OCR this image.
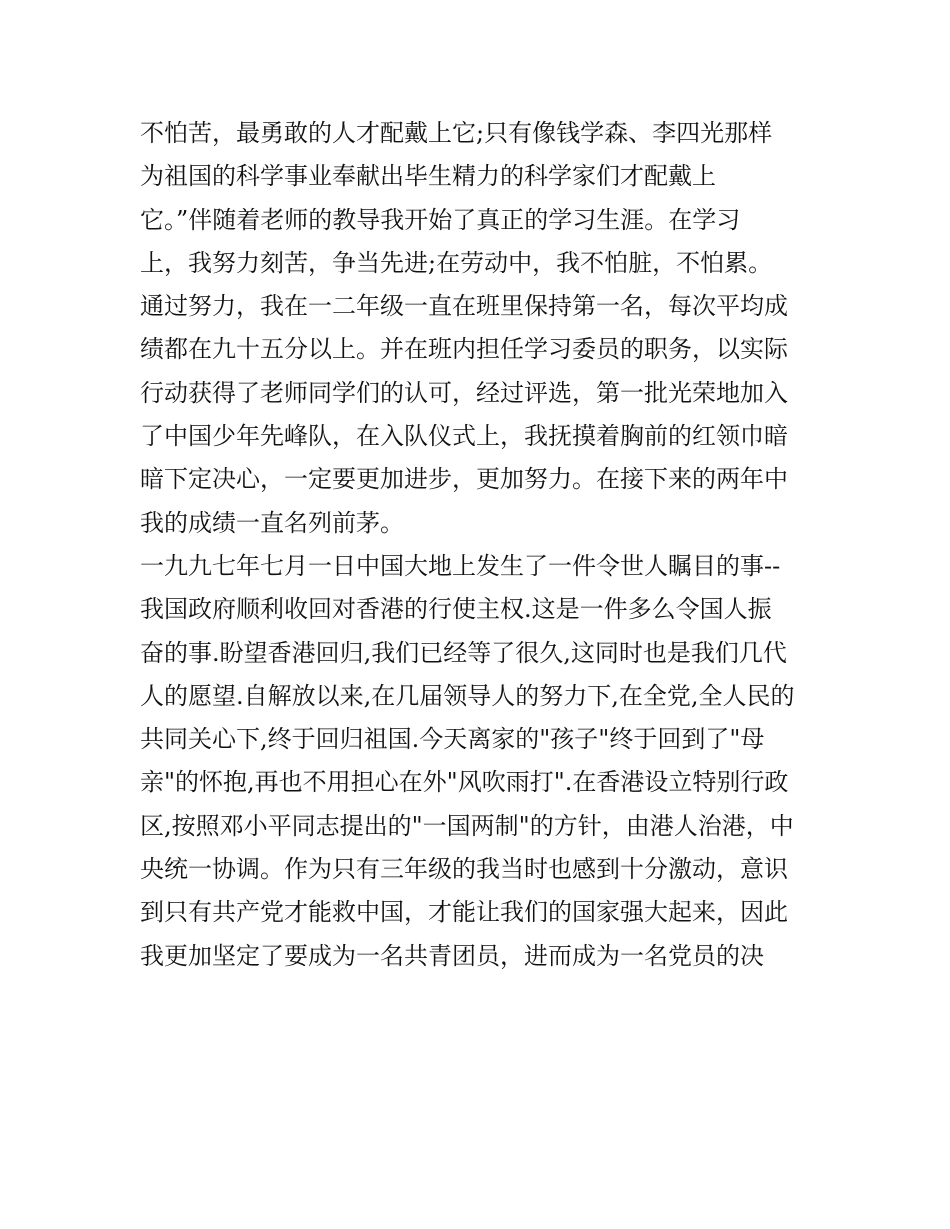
不怕苦，最勇敢的人才配戴上它;只有像钱学森、李四光那样
为祖国的科学事业奉献出毕生精力的科学家们才配戴上
它。”伴随着老师的教导我开始了真正的学习生涯。在学习
上，我努力刻苦，争当先进;在劳动中，我不怕脏，不怕累。
通过努力，我在一二年级一直在班里保持第一名，每次平均成
绩都在九十五分以上。并在班内担任学习委员的职务，以实际
行动获得了老师同学们的认可，经过评选，第一批光荣地加入
了中国少年先峰队，在入队仪式上，我抚摸着胸前的红领巾暗
暗下定决心，一定要更加进步，更加努力。在接下来的两年中
我的成绩一直名列前茅。
一九九七年七月一日中国大地上发生了一件令世人瞩目的事--
我国政府顺利收回对香港的行使主权.这是一件多么令国人振
奋的事.盼望香港回归,我们已经等了很久,这同时也是我们几代
人的愿望.自解放以来,在几届领导人的努力下,在全党,全人民的
共同关心下,终于回归祖国.今天离家的"孩子"终于回到了"母
亲"的怀抱,再也不用担心在外"风吹雨打".在香港设立特别行政
区,按照邓小平同志提出的"一国两制"的方针，由港人治港，中
央统一协调。作为只有三年级的我当时也感到十分激动，意识
到只有共产党才能救中国，才能让我们的国家强大起来，因此
我更加坚定了要成为一名共青团员，进而成为一名党员的决
